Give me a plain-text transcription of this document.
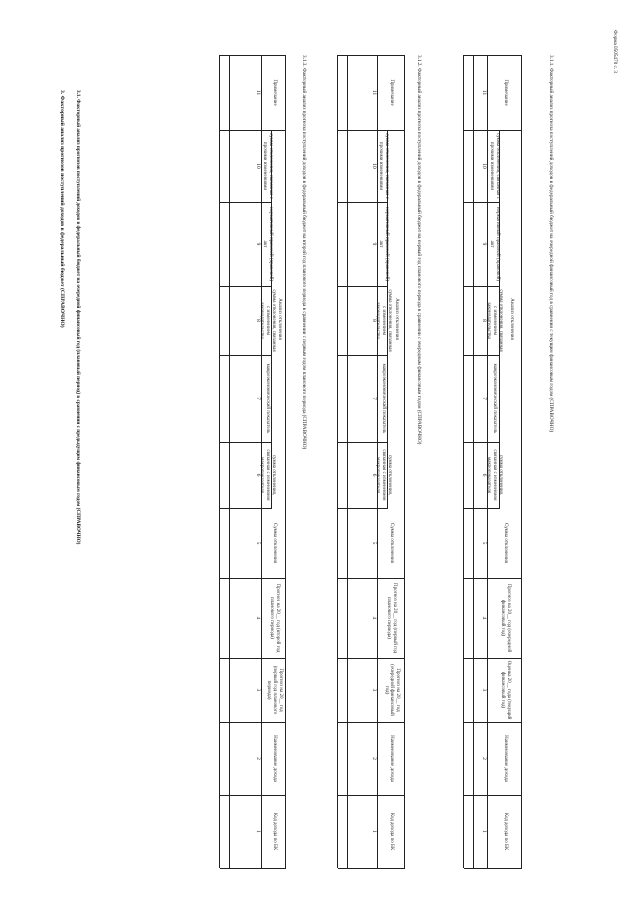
Форма 0505470 с. 3
3. Факторный анализ прогнозов поступлений доходов в федеральный бюджет (СПРАВОЧНО) 3.1. Факторный анализ прогнозов поступлений доходов в федеральный бюджет на очередной финансовый год (плановый период) в сравнении с предыдущим финансовым годом (СПРАВОЧНО)	3.1.1. Факторный анализ прогноза поступлений доходов в федеральный бюджет на очередной финансовый год в сравнении с текущим финансовым годом (СПРАВОЧНО)
Анализ отклонения
Код дохода по БК
1
Наименование дохода
2
Оценка 20__ года (текущий финансовый год)
3
Прогноз на 20__ год (очередной финансовый год)
4
Сумма отклонения
5
сумма отклонения, связанная с изменением макропоказателя
6
макроэкономический показатель
7
сумма отклонения, связанная с изменением законодательства
8
нормативный правовой (правовой) акт
9
сумма отклонения, связанная с прочими изменениями
10
Примечание
11
3.1.2. Факторный анализ прогноза поступлений доходов в федеральный бюджет на первый год планового периода в сравнении с очередным финансовым годом (СПРАВОЧНО)
Анализ отклонения
Код дохода по БК
1
Наименование дохода
2
Прогноз на 20__ год (очередной финансовый год)
3
Прогноз на 20__ год (первый год планового периода)
4
Сумма отклонения
5
сумма отклонения, связанная с изменением макропоказателя
6
макроэкономический показатель
7
сумма отклонения, связанная с изменением законодательства
8
нормативный правовой (правовой) акт
9
сумма отклонения, связанная с прочими изменениями
10
Примечание
11
3.1.3. Факторный анализ прогноза поступлений доходов в федеральный бюджет на второй год планового периода в сравнении с первым годом планового периода (СПРАВОЧНО)
Анализ отклонения
Код дохода по БК
1
Наименование дохода
2
Прогноз на 20__ год (первый год планового периода)
3
Прогноз на 20__ год (второй год планового периода)
4
Сумма отклонения
5
сумма отклонения, связанная с изменением макропоказателя
6
макроэкономический показатель
7
сумма отклонения, связанная с изменением законодательства
8
нормативный правовой (правовой) акт
9
сумма отклонения, связанная с прочими изменениями
10
Примечание
11
